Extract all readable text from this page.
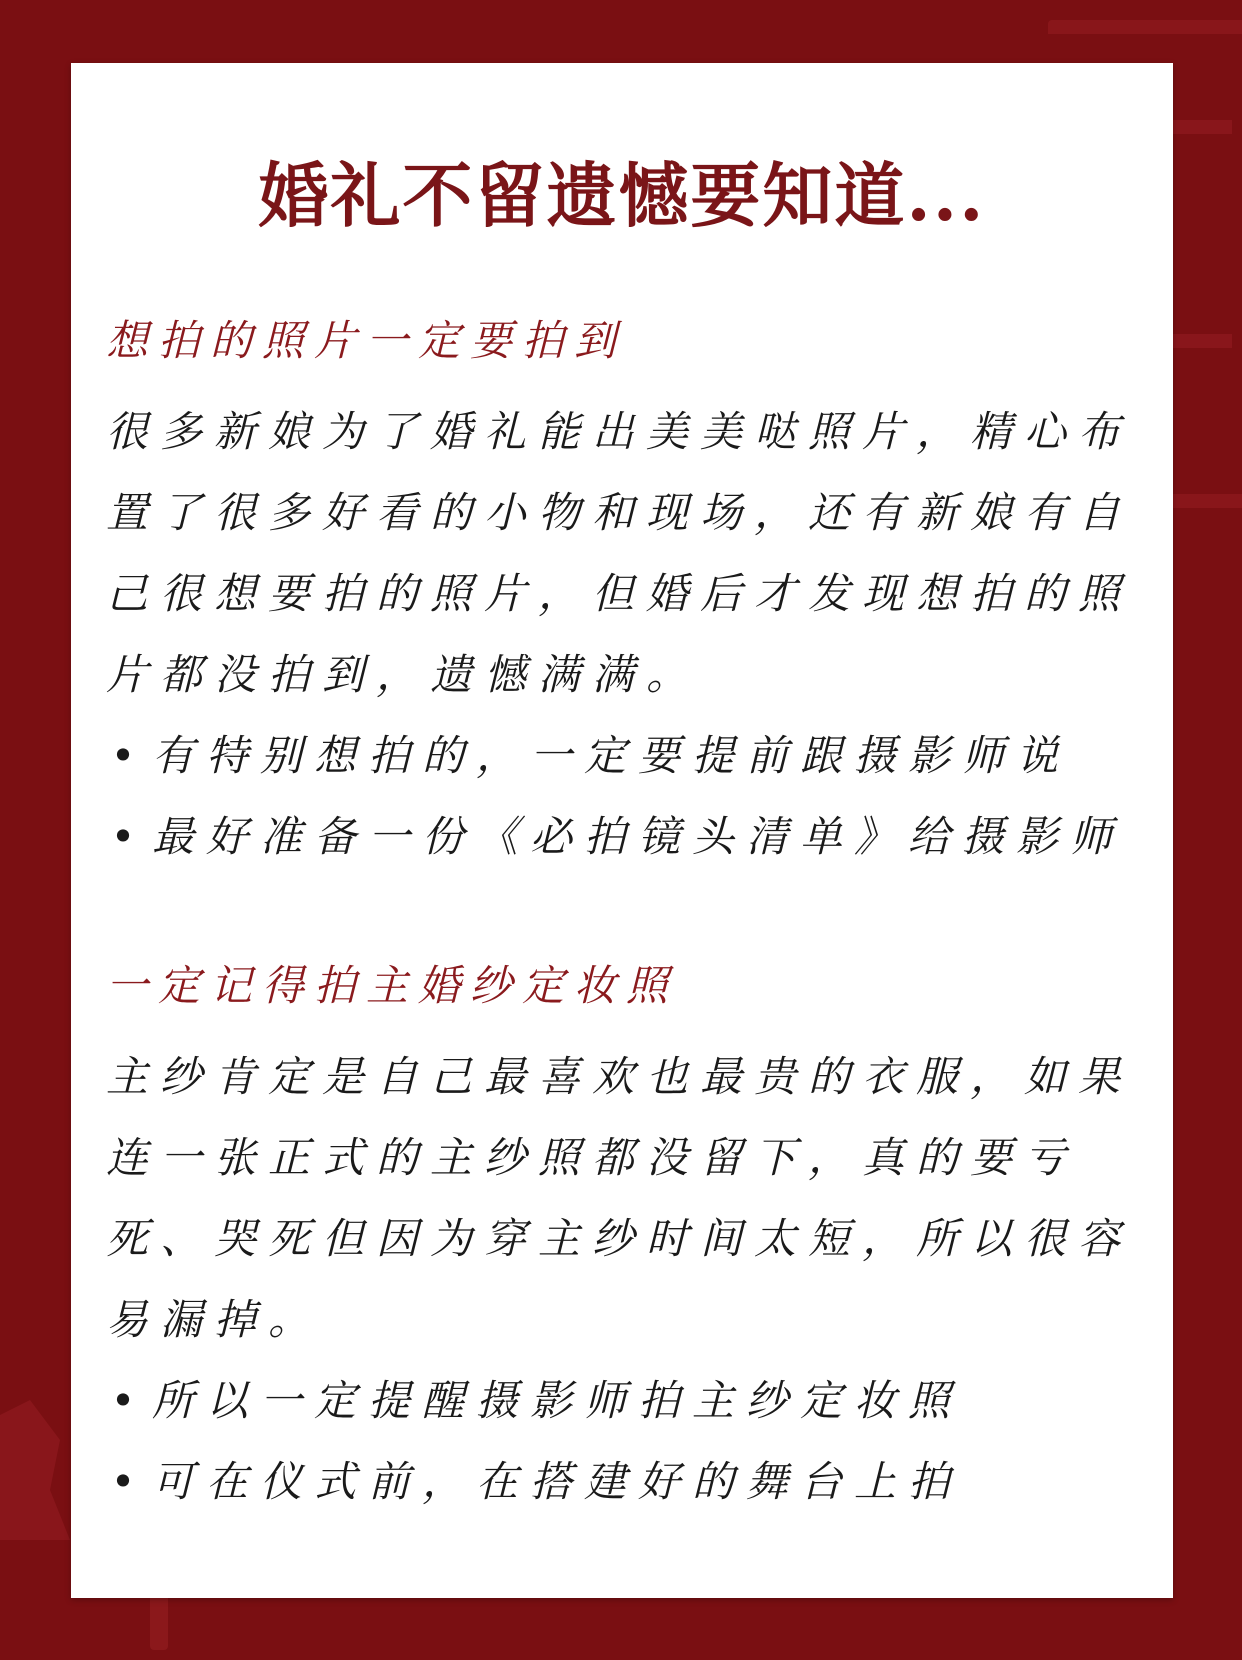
婚礼不留遗憾要知道...
想拍的照片一定要拍到

很多新娘为了婚礼能出美美哒照片，精心布置了很多好看的小物和现场，还有新娘有自己很想要拍的照片，但婚后才发现想拍的照片都没拍到，遗憾满满。

• 有特别想拍的，一定要提前跟摄影师说
• 最好准备一份《必拍镜头清单》给摄影师
一定记得拍主婚纱定妆照

主纱肯定是自己最喜欢也最贵的衣服，如果连一张正式的主纱照都没留下，真的要亏死、哭死但因为穿主纱时间太短，所以很容易漏掉。

• 所以一定提醒摄影师拍主纱定妆照
• 可在仪式前，在搭建好的舞台上拍
